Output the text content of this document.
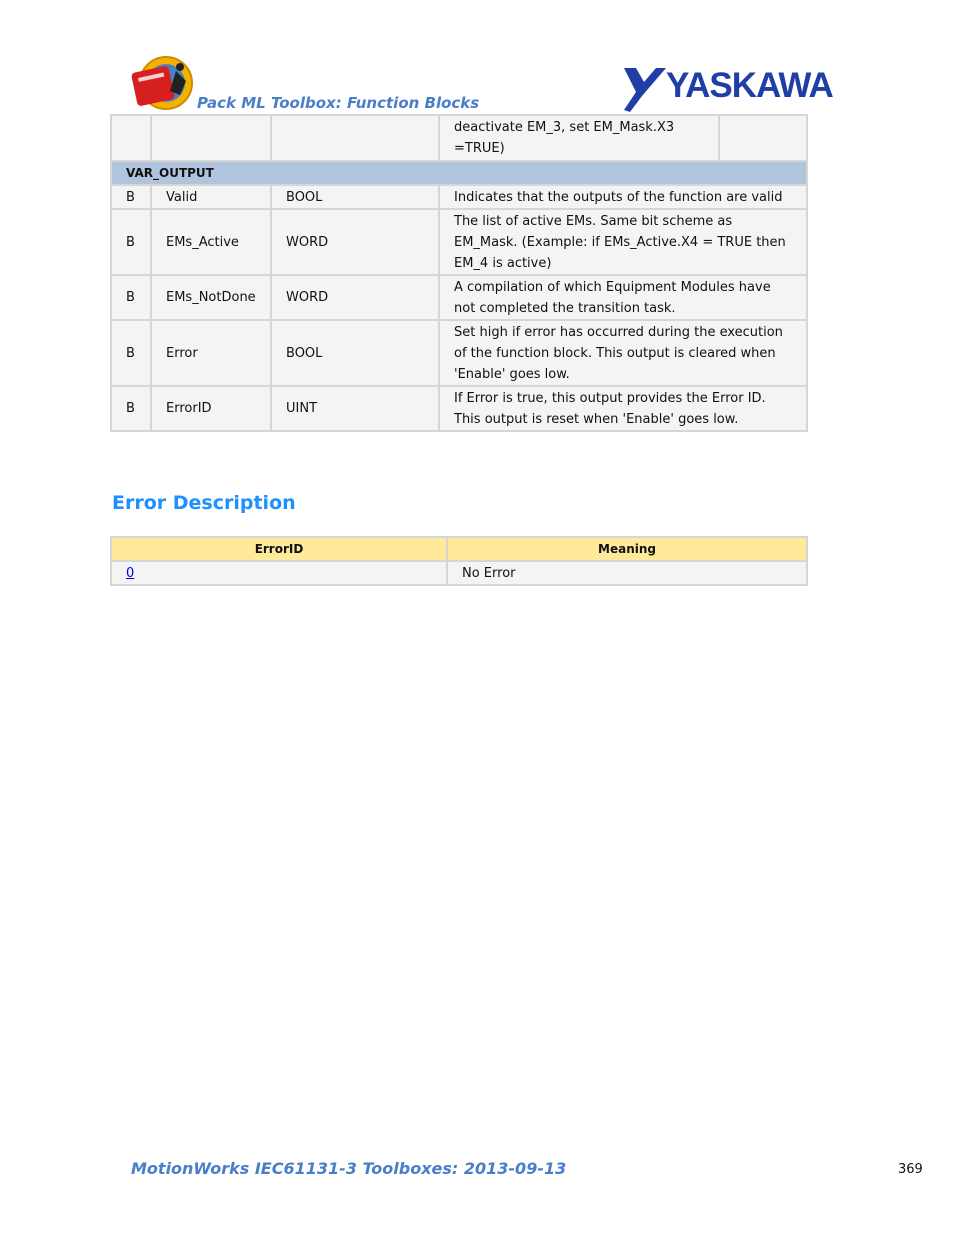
Pack ML Toolbox: Function Blocks	YASKAWA

deactivate EM_3, set EM_Mask.X3 =TRUE)	

VAR_OUTPUT
B	Valid	BOOL	Indicates that the outputs of the function are valid
B	EMs_Active	WORD	The list of active EMs. Same bit scheme as EM_Mask. (Example: if EMs_Active.X4 = TRUE then EM_4 is active)
B	EMs_NotDone	WORD	A compilation of which Equipment Modules have not completed the transition task.
B	Error	BOOL	Set high if error has occurred during the execution of the function block. This output is cleared when 'Enable' goes low.
B	ErrorID	UINT	If Error is true, this output provides the Error ID. This output is reset when 'Enable' goes low.
Error Description
ErrorID	Meaning
0	No Error
MotionWorks IEC61131-3 Toolboxes: 2013-09-13	369
